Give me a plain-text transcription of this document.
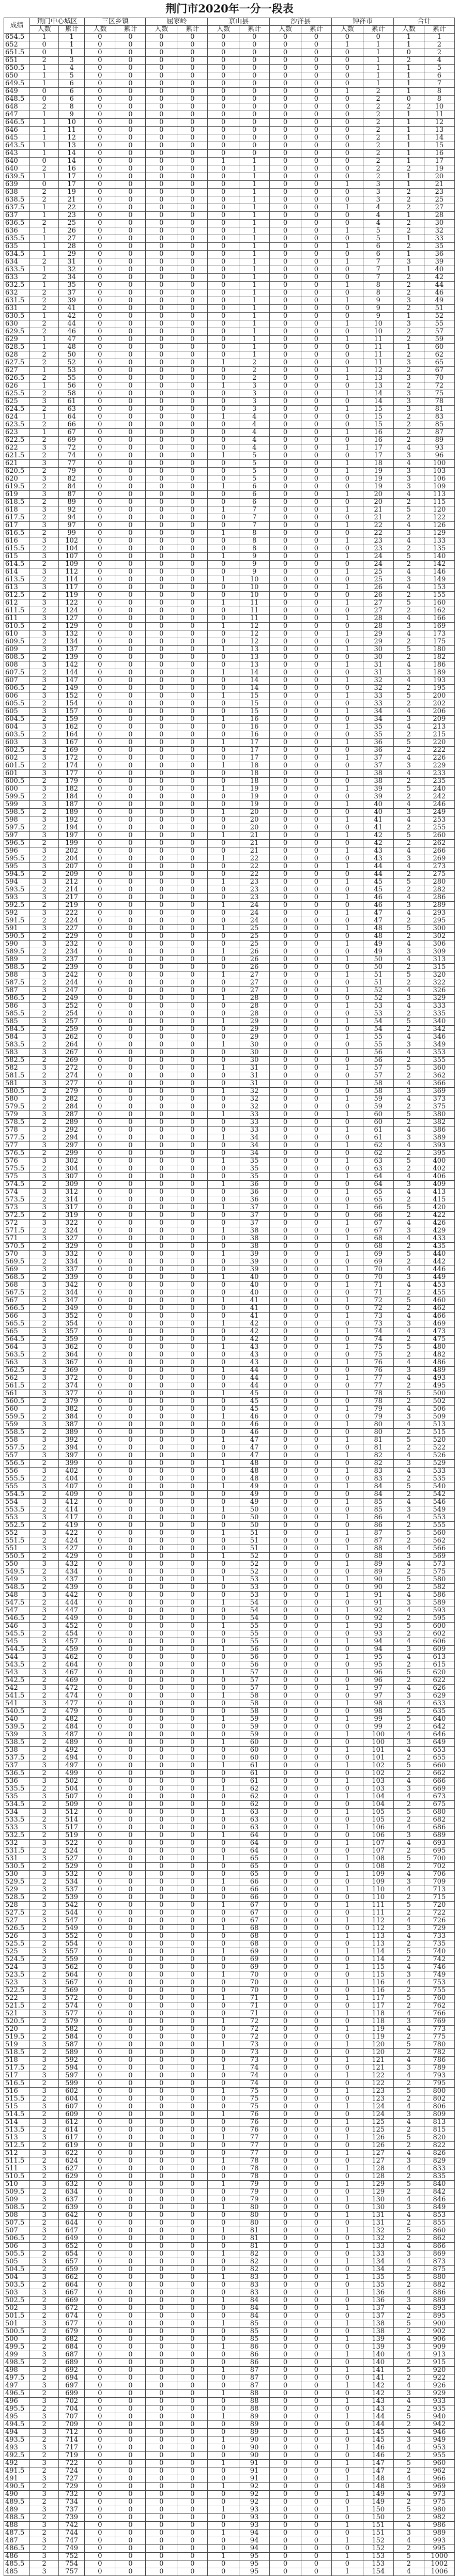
荆门市2020年一分一段表
成绩	荆门中心城区		三区乡镇		屈家岭		京山县		沙洋县		钟祥市		合计	
	人数	累计	人数	累计	人数	累计	人数	累计	人数	累计	人数	累计	人数	累计
654.5	1	1	0	0	0	0	0	0	0	0	0	0	1	1
652	0	1	0	0	0	0	0	0	0	0	1	1	1	2
651.5	0	1	0	0	0	0	0	0	0	0	0	1	0	2
651	2	3	0	0	0	0	0	0	0	0	0	1	2	4
650.5	1	4	0	0	0	0	0	0	0	0	0	1	1	5
650	1	5	0	0	0	0	0	0	0	0	0	1	1	6
649.5	1	6	0	0	0	0	0	0	0	0	0	1	1	7
649	0	6	0	0	0	0	0	0	0	0	1	2	1	8
648.5	0	6	0	0	0	0	0	0	0	0	0	2	0	8
648	2	8	0	0	0	0	0	0	0	0	0	2	2	10
647	1	9	0	0	0	0	0	0	0	0	0	2	1	11
646.5	1	10	0	0	0	0	0	0	0	0	0	2	1	12
646	1	11	0	0	0	0	0	0	0	0	0	2	1	13
645	1	12	0	0	0	0	0	0	0	0	0	2	1	14
643.5	1	13	0	0	0	0	0	0	0	0	0	2	1	15
643	1	14	0	0	0	0	0	0	0	0	0	2	1	16
640	0	14	0	0	0	0	1	1	0	0	0	2	1	17
640	2	16	0	0	0	0	0	1	0	0	0	2	2	19
639.5	1	17	0	0	0	0	0	1	0	0	0	2	1	20
639	0	17	0	0	0	0	0	1	0	0	1	3	1	21
638	2	19	0	0	0	0	0	1	0	0	0	3	2	23
638.5	2	21	0	0	0	0	0	1	0	0	0	3	2	25
637.5	1	22	0	0	0	0	0	1	0	0	1	4	2	27
637	1	23	0	0	0	0	0	1	0	0	0	4	1	28
636.5	2	25	0	0	0	0	0	1	0	0	0	4	2	30
636	1	26	0	0	0	0	0	1	0	0	1	5	2	32
635.5	1	27	0	0	0	0	0	1	0	0	0	5	1	33
635	1	28	0	0	0	0	0	1	0	0	1	6	2	35
634.5	1	29	0	0	0	0	0	1	0	0	0	6	1	36
634	2	31	0	0	0	0	0	1	0	0	1	7	3	39
633.5	1	32	0	0	0	0	0	1	0	0	0	7	1	40
633	2	34	0	0	0	0	0	1	0	0	0	7	2	42
632.5	1	35	0	0	0	0	0	1	0	0	1	8	2	44
632	2	37	0	0	0	0	0	1	0	0	0	8	2	46
631.5	2	39	0	0	0	0	0	1	0	0	1	9	3	49
631	2	41	0	0	0	0	0	1	0	0	0	9	2	51
630.5	1	42	0	0	0	0	0	1	0	0	0	9	1	52
630	2	44	0	0	0	0	0	1	0	0	1	10	3	55
629.5	2	46	0	0	0	0	0	1	0	0	0	10	2	57
629	1	47	0	0	0	0	0	1	0	0	1	11	2	59
628.5	1	48	0	0	0	0	0	1	0	0	0	11	1	60
628	2	50	0	0	0	0	0	1	0	0	0	11	2	62
627.5	2	52	0	0	0	0	1	2	0	0	0	11	3	65
627	1	53	0	0	0	0	0	2	0	0	1	12	2	67
626.5	2	55	0	0	0	0	0	2	0	0	1	13	3	70
626	1	56	0	0	0	0	1	3	0	0	0	13	2	72
625.5	2	58	0	0	0	0	0	3	0	0	1	14	3	75
625	3	61	0	0	0	0	0	3	0	0	0	14	3	78
624.5	2	63	0	0	0	0	0	3	0	0	1	15	3	81
624	1	64	0	0	0	0	1	4	0	0	0	15	2	83
623.5	2	66	0	0	0	0	0	4	0	0	0	15	2	85
623	1	67	0	0	0	0	0	4	0	0	1	16	2	87
622.5	2	69	0	0	0	0	0	4	0	0	0	16	2	89
622	3	72	0	0	0	0	0	4	0	0	1	17	4	93
621.5	2	74	0	0	0	0	1	5	0	0	0	17	3	96
621	3	77	0	0	0	0	0	5	0	0	1	18	4	100
620.5	2	79	0	0	0	0	0	5	0	0	1	19	3	103
620	3	82	0	0	0	0	0	5	0	0	0	19	3	106
619.5	2	84	0	0	0	0	1	6	0	0	0	19	3	109
619	3	87	0	0	0	0	0	6	0	0	1	20	4	113
618.5	2	89	0	0	0	0	0	6	0	0	0	20	2	115
618	3	92	0	0	0	0	1	7	0	0	1	21	5	120
617.5	2	94	0	0	0	0	0	7	0	0	0	21	2	122
617	3	97	0	0	0	0	0	7	0	0	1	22	4	126
616.5	2	99	0	0	0	0	1	8	0	0	0	22	3	129
616	3	102	0	0	0	0	0	8	0	0	1	23	4	133
615.5	2	104	0	0	0	0	0	8	0	0	0	23	2	135
615	3	107	0	0	0	0	1	9	0	0	1	24	5	140
614.5	2	109	0	0	0	0	0	9	0	0	0	24	2	142
614	3	112	0	0	0	0	0	9	0	0	1	25	4	146
613.5	2	114	0	0	0	0	1	10	0	0	0	25	3	149
613	3	117	0	0	0	0	0	10	0	0	1	26	4	153
612.5	2	119	0	0	0	0	0	10	0	0	0	26	2	155
612	3	122	0	0	0	0	1	11	0	0	1	27	5	160
611.5	2	124	0	0	0	0	0	11	0	0	0	27	2	162
611	3	127	0	0	0	0	0	11	0	0	1	28	4	166
610.5	2	129	0	0	0	0	1	12	0	0	0	28	3	169
610	3	132	0	0	0	0	0	12	0	0	1	29	4	173
609.5	2	134	0	0	0	0	0	12	0	0	0	29	2	175
609	3	137	0	0	0	0	1	13	0	0	1	30	5	180
608.5	2	139	0	0	0	0	0	13	0	0	0	30	2	182
608	3	142	0	0	0	0	0	13	0	0	1	31	4	186
607.5	2	144	0	0	0	0	1	14	0	0	0	31	3	189
607	3	147	0	0	0	0	0	14	0	0	1	32	4	193
606.5	2	149	0	0	0	0	0	14	0	0	0	32	2	195
606	3	152	0	0	0	0	1	15	0	0	1	33	5	200
605.5	2	154	0	0	0	0	0	15	0	0	0	33	2	202
605	3	157	0	0	0	0	0	15	0	0	1	34	4	206
604.5	2	159	0	0	0	0	1	16	0	0	0	34	3	209
604	3	162	0	0	0	0	0	16	0	0	1	35	4	213
603.5	2	164	0	0	0	0	0	16	0	0	0	35	2	215
603	3	167	0	0	0	0	1	17	0	0	1	36	5	220
602.5	2	169	0	0	0	0	0	17	0	0	0	36	2	222
602	3	172	0	0	0	0	0	17	0	0	1	37	4	226
601.5	2	174	0	0	0	0	1	18	0	0	0	37	3	229
601	3	177	0	0	0	0	0	18	0	0	1	38	4	233
600.5	2	179	0	0	0	0	0	18	0	0	0	38	2	235
600	3	182	0	0	0	0	1	19	0	0	1	39	5	240
599.5	2	184	0	0	0	0	0	19	0	0	0	39	2	242
599	3	187	0	0	0	0	0	19	0	0	1	40	4	246
598.5	2	189	0	0	0	0	1	20	0	0	0	40	3	249
598	3	192	0	0	0	0	0	20	0	0	1	41	4	253
597.5	2	194	0	0	0	0	0	20	0	0	0	41	2	255
597	3	197	0	0	0	0	1	21	0	0	1	42	5	260
596.5	2	199	0	0	0	0	0	21	0	0	0	42	2	262
596	3	202	0	0	0	0	0	21	0	0	1	43	4	266
595.5	2	204	0	0	0	0	1	22	0	0	0	43	3	269
595	3	207	0	0	0	0	0	22	0	0	1	44	4	273
594.5	2	209	0	0	0	0	0	22	0	0	0	44	2	275
594	3	212	0	0	0	0	1	23	0	0	1	45	5	280
593.5	2	214	0	0	0	0	0	23	0	0	0	45	2	282
593	3	217	0	0	0	0	0	23	0	0	1	46	4	286
592.5	2	219	0	0	0	0	1	24	0	0	0	46	3	289
592	3	222	0	0	0	0	0	24	0	0	1	47	4	293
591.5	2	224	0	0	0	0	0	24	0	0	0	47	2	295
591	3	227	0	0	0	0	1	25	0	0	1	48	5	300
590.5	2	229	0	0	0	0	0	25	0	0	0	48	2	302
590	3	232	0	0	0	0	0	25	0	0	1	49	4	306
589.5	2	234	0	0	0	0	1	26	0	0	0	49	3	309
589	3	237	0	0	0	0	0	26	0	0	1	50	4	313
588.5	2	239	0	0	0	0	0	26	0	0	0	50	2	315
588	3	242	0	0	0	0	1	27	0	0	1	51	5	320
587.5	2	244	0	0	0	0	0	27	0	0	0	51	2	322
587	3	247	0	0	0	0	0	27	0	0	1	52	4	326
586.5	2	249	0	0	0	0	1	28	0	0	0	52	3	329
586	3	252	0	0	0	0	0	28	0	0	1	53	4	333
585.5	2	254	0	0	0	0	0	28	0	0	0	53	2	335
585	3	257	0	0	0	0	1	29	0	0	1	54	5	340
584.5	2	259	0	0	0	0	0	29	0	0	0	54	2	342
584	3	262	0	0	0	0	0	29	0	0	1	55	4	346
583.5	2	264	0	0	0	0	1	30	0	0	0	55	3	349
583	3	267	0	0	0	0	0	30	0	0	1	56	4	353
582.5	2	269	0	0	0	0	0	30	0	0	0	56	2	355
582	3	272	0	0	0	0	1	31	0	0	1	57	5	360
581.5	2	274	0	0	0	0	0	31	0	0	0	57	2	362
581	3	277	0	0	0	0	0	31	0	0	1	58	4	366
580.5	2	279	0	0	0	0	1	32	0	0	0	58	3	369
580	3	282	0	0	0	0	0	32	0	0	1	59	4	373
579.5	2	284	0	0	0	0	0	32	0	0	0	59	2	375
579	3	287	0	0	0	0	1	33	0	0	1	60	5	380
578.5	2	289	0	0	0	0	0	33	0	0	0	60	2	382
578	3	292	0	0	0	0	0	33	0	0	1	61	4	386
577.5	2	294	0	0	0	0	1	34	0	0	0	61	3	389
577	3	297	0	0	0	0	0	34	0	0	1	62	4	393
576.5	2	299	0	0	0	0	0	34	0	0	0	62	2	395
576	3	302	0	0	0	0	1	35	0	0	1	63	5	400
575.5	2	304	0	0	0	0	0	35	0	0	0	63	2	402
575	3	307	0	0	0	0	0	35	0	0	1	64	4	406
574.5	2	309	0	0	0	0	1	36	0	0	0	64	3	409
574	3	312	0	0	0	0	0	36	0	0	1	65	4	413
573.5	2	314	0	0	0	0	0	36	0	0	0	65	2	415
573	3	317	0	0	0	0	1	37	0	0	1	66	5	420
572.5	2	319	0	0	0	0	0	37	0	0	0	66	2	422
572	3	322	0	0	0	0	0	37	0	0	1	67	4	426
571.5	2	324	0	0	0	0	1	38	0	0	0	67	3	429
571	3	327	0	0	0	0	0	38	0	0	1	68	4	433
570.5	2	329	0	0	0	0	0	38	0	0	0	68	2	435
570	3	332	0	0	0	0	1	39	0	0	1	69	5	440
569.5	2	334	0	0	0	0	0	39	0	0	0	69	2	442
569	3	337	0	0	0	0	0	39	0	0	1	70	4	446
568.5	2	339	0	0	0	0	1	40	0	0	0	70	3	449
568	3	342	0	0	0	0	0	40	0	0	1	71	4	453
567.5	2	344	0	0	0	0	0	40	0	0	0	71	2	455
567	3	347	0	0	0	0	1	41	0	0	1	72	5	460
566.5	2	349	0	0	0	0	0	41	0	0	0	72	2	462
566	3	352	0	0	0	0	0	41	0	0	1	73	4	466
565.5	2	354	0	0	0	0	1	42	0	0	0	73	3	469
565	3	357	0	0	0	0	0	42	0	0	1	74	4	473
564.5	2	359	0	0	0	0	0	42	0	0	0	74	2	475
564	3	362	0	0	0	0	1	43	0	0	1	75	5	480
563.5	2	364	0	0	0	0	0	43	0	0	0	75	2	482
563	3	367	0	0	0	0	0	43	0	0	1	76	4	486
562.5	2	369	0	0	0	0	1	44	0	0	0	76	3	489
562	3	372	0	0	0	0	0	44	0	0	1	77	4	493
561.5	2	374	0	0	0	0	0	44	0	0	0	77	2	495
561	3	377	0	0	0	0	1	45	0	0	1	78	5	500
560.5	2	379	0	0	0	0	0	45	0	0	0	78	2	502
560	3	382	0	0	0	0	0	45	0	0	1	79	4	506
559.5	2	384	0	0	0	0	1	46	0	0	0	79	3	509
559	3	387	0	0	0	0	0	46	0	0	1	80	4	513
558.5	2	389	0	0	0	0	0	46	0	0	0	80	2	515
558	3	392	0	0	0	0	1	47	0	0	1	81	5	520
557.5	2	394	0	0	0	0	0	47	0	0	0	81	2	522
557	3	397	0	0	0	0	0	47	0	0	1	82	4	526
556.5	2	399	0	0	0	0	1	48	0	0	0	82	3	529
556	3	402	0	0	0	0	0	48	0	0	1	83	4	533
555.5	2	404	0	0	0	0	0	48	0	0	0	83	2	535
555	3	407	0	0	0	0	1	49	0	0	1	84	5	540
554.5	2	409	0	0	0	0	0	49	0	0	0	84	2	542
554	3	412	0	0	0	0	0	49	0	0	1	85	4	546
553.5	2	414	0	0	0	0	1	50	0	0	0	85	3	549
553	3	417	0	0	0	0	0	50	0	0	1	86	4	553
552.5	2	419	0	0	0	0	0	50	0	0	0	86	2	555
552	3	422	0	0	0	0	1	51	0	0	1	87	5	560
551.5	2	424	0	0	0	0	0	51	0	0	0	87	2	562
551	3	427	0	0	0	0	0	51	0	0	1	88	4	566
550.5	2	429	0	0	0	0	1	52	0	0	0	88	3	569
550	3	432	0	0	0	0	0	52	0	0	1	89	4	573
549.5	2	434	0	0	0	0	0	52	0	0	0	89	2	575
549	3	437	0	0	0	0	1	53	0	0	1	90	5	580
548.5	2	439	0	0	0	0	0	53	0	0	0	90	2	582
548	3	442	0	0	0	0	0	53	0	0	1	91	4	586
547.5	2	444	0	0	0	0	1	54	0	0	0	91	3	589
547	3	447	0	0	0	0	0	54	0	0	1	92	4	593
546.5	2	449	0	0	0	0	0	54	0	0	0	92	2	595
546	3	452	0	0	0	0	1	55	0	0	1	93	5	600
545.5	2	454	0	0	0	0	0	55	0	0	0	93	2	602
545	3	457	0	0	0	0	0	55	0	0	1	94	4	606
544.5	2	459	0	0	0	0	1	56	0	0	0	94	3	609
544	3	462	0	0	0	0	0	56	0	0	1	95	4	613
543.5	2	464	0	0	0	0	0	56	0	0	0	95	2	615
543	3	467	0	0	0	0	1	57	0	0	1	96	5	620
542.5	2	469	0	0	0	0	0	57	0	0	0	96	2	622
542	3	472	0	0	0	0	0	57	0	0	1	97	4	626
541.5	2	474	0	0	0	0	1	58	0	0	0	97	3	629
541	3	477	0	0	0	0	0	58	0	0	1	98	4	633
540.5	2	479	0	0	0	0	0	58	0	0	0	98	2	635
540	3	482	0	0	0	0	1	59	0	0	1	99	5	640
539.5	2	484	0	0	0	0	0	59	0	0	0	99	2	642
539	3	487	0	0	0	0	0	59	0	0	1	100	4	646
538.5	2	489	0	0	0	0	1	60	0	0	0	100	3	649
538	3	492	0	0	0	0	0	60	0	0	1	101	4	653
537.5	2	494	0	0	0	0	0	60	0	0	0	101	2	655
537	3	497	0	0	0	0	1	61	0	0	1	102	5	660
536.5	2	499	0	0	0	0	0	61	0	0	0	102	2	662
536	3	502	0	0	0	0	0	61	0	0	1	103	4	666
535.5	2	504	0	0	0	0	1	62	0	0	0	103	3	669
535	3	507	0	0	0	0	0	62	0	0	1	104	4	673
534.5	2	509	0	0	0	0	0	62	0	0	0	104	2	675
534	3	512	0	0	0	0	1	63	0	0	1	105	5	680
533.5	2	514	0	0	0	0	0	63	0	0	0	105	2	682
533	3	517	0	0	0	0	0	63	0	0	1	106	4	686
532.5	2	519	0	0	0	0	1	64	0	0	0	106	3	689
532	3	522	0	0	0	0	0	64	0	0	1	107	4	693
531.5	2	524	0	0	0	0	0	64	0	0	0	107	2	695
531	3	527	0	0	0	0	1	65	0	0	1	108	5	700
530.5	2	529	0	0	0	0	0	65	0	0	0	108	2	702
530	3	532	0	0	0	0	0	65	0	0	1	109	4	706
529.5	2	534	0	0	0	0	1	66	0	0	0	109	3	709
529	3	537	0	0	0	0	0	66	0	0	1	110	4	713
528.5	2	539	0	0	0	0	0	66	0	0	0	110	2	715
528	3	542	0	0	0	0	1	67	0	0	1	111	5	720
527.5	2	544	0	0	0	0	0	67	0	0	0	111	2	722
527	3	547	0	0	0	0	0	67	0	0	1	112	4	726
526.5	2	549	0	0	0	0	1	68	0	0	0	112	3	729
526	3	552	0	0	0	0	0	68	0	0	1	113	4	733
525.5	2	554	0	0	0	0	0	68	0	0	0	113	2	735
525	3	557	0	0	0	0	1	69	0	0	1	114	5	740
524.5	2	559	0	0	0	0	0	69	0	0	0	114	2	742
524	3	562	0	0	0	0	0	69	0	0	1	115	4	746
523.5	2	564	0	0	0	0	1	70	0	0	0	115	3	749
523	3	567	0	0	0	0	0	70	0	0	1	116	4	753
522.5	2	569	0	0	0	0	0	70	0	0	0	116	2	755
522	3	572	0	0	0	0	1	71	0	0	1	117	5	760
521.5	2	574	0	0	0	0	0	71	0	0	0	117	2	762
521	3	577	0	0	0	0	0	71	0	0	1	118	4	766
520.5	2	579	0	0	0	0	1	72	0	0	0	118	3	769
520	3	582	0	0	0	0	0	72	0	0	1	119	4	773
519.5	2	584	0	0	0	0	0	72	0	0	0	119	2	775
519	3	587	0	0	0	0	1	73	0	0	1	120	5	780
518.5	2	589	0	0	0	0	0	73	0	0	0	120	2	782
518	3	592	0	0	0	0	0	73	0	0	1	121	4	786
517.5	2	594	0	0	0	0	1	74	0	0	0	121	3	789
517	3	597	0	0	0	0	0	74	0	0	1	122	4	793
516.5	2	599	0	0	0	0	0	74	0	0	0	122	2	795
516	3	602	0	0	0	0	1	75	0	0	1	123	5	800
515.5	2	604	0	0	0	0	0	75	0	0	0	123	2	802
515	3	607	0	0	0	0	0	75	0	0	1	124	4	806
514.5	2	609	0	0	0	0	1	76	0	0	0	124	3	809
514	3	612	0	0	0	0	0	76	0	0	1	125	4	813
513.5	2	614	0	0	0	0	0	76	0	0	0	125	2	815
513	3	617	0	0	0	0	1	77	0	0	1	126	5	820
512.5	2	619	0	0	0	0	0	77	0	0	0	126	2	822
512	3	622	0	0	0	0	0	77	0	0	1	127	4	826
511.5	2	624	0	0	0	0	1	78	0	0	0	127	3	829
511	3	627	0	0	0	0	0	78	0	0	1	128	4	833
510.5	2	629	0	0	0	0	0	78	0	0	0	128	2	835
510	3	632	0	0	0	0	1	79	0	0	1	129	5	840
509.5	2	634	0	0	0	0	0	79	0	0	0	129	2	842
509	3	637	0	0	0	0	0	79	0	0	1	130	4	846
508.5	2	639	0	0	0	0	1	80	0	0	0	130	3	849
508	3	642	0	0	0	0	0	80	0	0	1	131	4	853
507.5	2	644	0	0	0	0	0	80	0	0	0	131	2	855
507	3	647	0	0	0	0	1	81	0	0	1	132	5	860
506.5	2	649	0	0	0	0	0	81	0	0	0	132	2	862
506	3	652	0	0	0	0	0	81	0	0	1	133	4	866
505.5	2	654	0	0	0	0	1	82	0	0	0	133	3	869
505	3	657	0	0	0	0	0	82	0	0	1	134	4	873
504.5	2	659	0	0	0	0	0	82	0	0	0	134	2	875
504	3	662	0	0	0	0	1	83	0	0	1	135	5	880
503.5	2	664	0	0	0	0	0	83	0	0	0	135	2	882
503	3	667	0	0	0	0	0	83	0	0	1	136	4	886
502.5	2	669	0	0	0	0	1	84	0	0	0	136	3	889
502	3	672	0	0	0	0	0	84	0	0	1	137	4	893
501.5	2	674	0	0	0	0	0	84	0	0	0	137	2	895
501	3	677	0	0	0	0	1	85	0	0	1	138	5	900
500.5	2	679	0	0	0	0	0	85	0	0	0	138	2	902
500	3	682	0	0	0	0	0	85	0	0	1	139	4	906
499.5	2	684	0	0	0	0	1	86	0	0	0	139	3	909
499	3	687	0	0	0	0	0	86	0	0	1	140	4	913
498.5	2	689	0	0	0	0	0	86	0	0	0	140	2	915
498	3	692	0	0	0	0	1	87	0	0	1	141	5	920
497.5	2	694	0	0	0	0	0	87	0	0	0	141	2	922
497	3	697	0	0	0	0	0	87	0	0	1	142	4	926
496.5	2	699	0	0	0	0	1	88	0	0	0	142	3	929
496	3	702	0	0	0	0	0	88	0	0	1	143	4	933
495.5	2	704	0	0	0	0	0	88	0	0	0	143	2	935
495	3	707	0	0	0	0	1	89	0	0	1	144	5	940
494.5	2	709	0	0	0	0	0	89	0	0	0	144	2	942
494	3	712	0	0	0	0	0	89	0	0	1	145	4	946
493.5	2	714	0	0	0	0	1	90	0	0	0	145	3	949
493	3	717	0	0	0	0	0	90	0	0	1	146	4	953
492.5	2	719	0	0	0	0	0	90	0	0	0	146	2	955
492	3	722	0	0	0	0	1	91	0	0	1	147	5	960
491.5	2	724	0	0	0	0	0	91	0	0	0	147	2	962
491	3	727	0	0	0	0	0	91	0	0	1	148	4	966
490.5	2	729	0	0	0	0	1	92	0	0	0	148	3	969
490	3	732	0	0	0	0	0	92	0	0	1	149	4	973
489.5	2	734	0	0	0	0	0	92	0	0	0	149	2	975
489	3	737	0	0	0	0	1	93	0	0	1	150	5	980
488.5	2	739	0	0	0	0	0	93	0	0	0	150	2	982
488	3	742	0	0	0	0	0	93	0	0	1	151	4	986
487.5	2	744	0	0	0	0	1	94	0	0	0	151	3	989
487	3	747	0	0	0	0	0	94	0	0	1	152	4	993
486.5	2	749	0	0	0	0	0	94	0	0	0	152	2	995
486	3	752	0	0	0	0	1	95	0	0	1	153	5	1000
485.5	2	754	0	0	0	0	0	95	0	0	0	153	2	1002
485	3	757	0	0	0	0	0	95	0	0	1	154	4	1006
